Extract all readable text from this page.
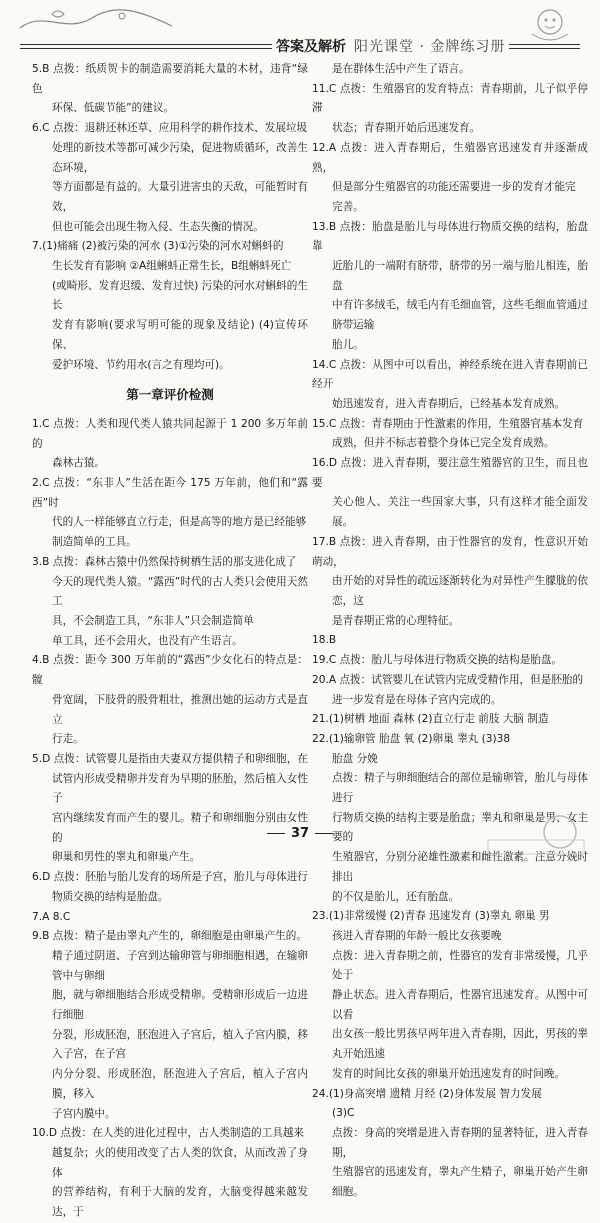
答案及解析 阳光课堂 · 金牌练习册

5.B 点拨：纸质贺卡的制造需要消耗大量的木材，违背“绿色

环保、低碳节能”的建议。

6.C 点拨：退耕还林还草、应用科学的耕作技术、发展垃圾

处理的新技术等都可减少污染，促进物质循环，改善生态环境，

等方面都是有益的。大量引进害虫的天敌，可能暂时有效，

但也可能会出现生物入侵、生态失衡的情况。

7.(1)痛痛 (2)被污染的河水 (3)①污染的河水对蝌蚪的

生长发育有影响 ②A组蝌蚪正常生长，B组蝌蚪死亡

(或畸形、发育迟缓、发育过快) 污染的河水对蝌蚪的生长

发育有影响(要求写明可能的现象及结论) (4)宣传环保、

爱护环境、节约用水(言之有理均可)。

第一章评价检测

1.C 点拨：人类和现代类人猿共同起源于 1 200 多万年前的

森林古猿。

2.C 点拨：“东非人”生活在距今 175 万年前，他们和“露西”时

代的人一样能够直立行走，但是高等的地方是已经能够

制造简单的工具。

3.B 点拨：森林古猿中仍然保持树栖生活的那支进化成了

今天的现代类人猿。“露西”时代的古人类只会使用天然工

具，不会制造工具，“东非人”只会制造简单

单工具，还不会用火，也没有产生语言。

4.B 点拨：距今 300 万年前的“露西”少女化石的特点是：髋

骨宽阔，下肢骨的股骨粗壮，推测出她的运动方式是直立

行走。

5.D 点拨：试管婴儿是指由夫妻双方提供精子和卵细胞，在

试管内形成受精卵并发育为早期的胚胎，然后植入女性子

宫内继续发育而产生的婴儿。精子和卵细胞分别由女性的

卵巢和男性的睾丸和卵巢产生。

6.D 点拨：胚胎与胎儿发育的场所是子宫，胎儿与母体进行

物质交换的结构是胎盘。

7.A 8.C

9.B 点拨：精子是由睾丸产生的，卵细胞是由卵巢产生的。

精子通过阴道、子宫到达输卵管与卵细胞相遇，在输卵管中与卵细

胞，就与卵细胞结合形成受精卵。受精卵形成后一边进行细胞

分裂，形成胚泡，胚泡进入子宫后，植入子宫内膜，移入子宫，在子宫

内分分裂、形成胚泡，胚泡进入子宫后，植入子宫内膜，移入

子宫内膜中。

10.D 点拨：在人类的进化过程中，古人类制造的工具越来

越复杂；火的使用改变了古人类的饮食，从而改善了身体

的营养结构，有利于大脑的发育，大脑变得越来越发达，于

是在群体生活中产生了语言。

11.C 点拨：生殖器官的发育特点：青春期前，儿子似乎停滞

状态；青春期开始后迅速发育。

12.A 点拨：进入青春期后，生殖器官迅速发育并逐渐成熟，

但是部分生殖器官的功能还需要进一步的发育才能完

完善。

13.B 点拨：胎盘是胎儿与母体进行物质交换的结构，胎盘靠

近胎儿的一端附有脐带，脐带的另一端与胎儿相连，胎盘

中有许多绒毛，绒毛内有毛细血管，这些毛细血管通过脐带运输

胎儿。

14.C 点拨：从图中可以看出，神经系统在进入青春期前已经开

始迅速发育，进入青春期后，已经基本发育成熟。

15.C 点拨：青春期由于性激素的作用，生殖器官基本发育

成熟，但并不标志着整个身体已完全发育成熟。

16.D 点拨：进入青春期，要注意生殖器官的卫生，而且也要

关心他人、关注一些国家大事，只有这样才能全面发展。

17.B 点拨：进入青春期，由于性器官的发育，性意识开始萌动，

由开始的对异性的疏远逐渐转化为对异性产生朦胧的依恋，这

是青春期正常的心理特征。

18.B

19.C 点拨：胎儿与母体进行物质交换的结构是胎盘。

20.A 点拨：试管婴儿在试管内完成受精作用，但是胚胎的

进一步发育是在母体子宫内完成的。

21.(1)树栖 地面 森林 (2)直立行走 前肢 大脑 制造

22.(1)输卵管 胎盘 氧 (2)卵巢 睾丸 (3)38

胎盘 分娩

点拨：精子与卵细胞结合的部位是输卵管，胎儿与母体进行

行物质交换的结构主要是胎盘；睾丸和卵巢是男、女主要的

生殖器官，分别分泌雄性激素和雌性激素。注意分娩时排出

的不仅是胎儿，还有胎盘。

23.(1)非常缓慢 (2)青春 迅速发育 (3)睾丸 卵巢 男

孩进入青春期的年龄一般比女孩要晚

点拨：进入青春期之前，性器官的发育非常缓慢，几乎处于

静止状态。进入青春期后，性器官迅速发育。从图中可以看

出女孩一般比男孩早两年进入青春期，因此，男孩的睾丸开始迅速

发育的时间比女孩的卵巢开始迅速发育的时间晚。

24.(1)身高突增 遗精 月经 (2)身体发展 智力发展

(3)C

点拨：身高的突增是进入青春期的显著特征，进入青春期，

生殖器官的迅速发育，睾丸产生精子，卵巢开始产生卵细胞。

37
